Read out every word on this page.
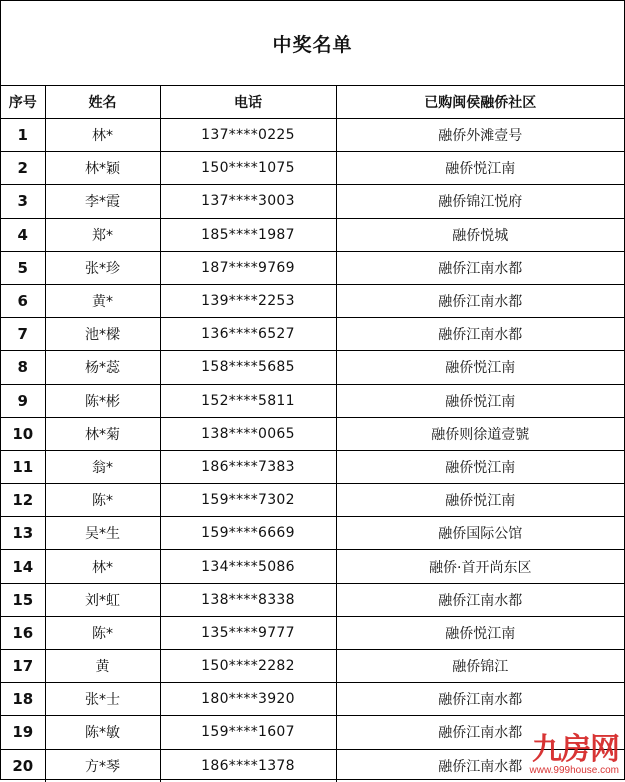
中奖名单
序号	姓名	电话	已购闽侯融侨社区
1	林*	137****0225	融侨外滩壹号
2	林*颖	150****1075	融侨悦江南
3	李*霞	137****3003	融侨锦江悦府
4	郑*	185****1987	融侨悦城
5	张*珍	187****9769	融侨江南水都
6	黄*	139****2253	融侨江南水都
7	池*樑	136****6527	融侨江南水都
8	杨*蕊	158****5685	融侨悦江南
9	陈*彬	152****5811	融侨悦江南
10	林*菊	138****0065	融侨则徐道壹號
11	翁*	186****7383	融侨悦江南
12	陈*	159****7302	融侨悦江南
13	吴*生	159****6669	融侨国际公馆
14	林*	134****5086	融侨·首开尚东区
15	刘*虹	138****8338	融侨江南水都
16	陈*	135****9777	融侨悦江南
17	黄	150****2282	融侨锦江
18	张*士	180****3920	融侨江南水都
19	陈*敏	159****1607	融侨江南水都
20	方*琴	186****1378	融侨江南水都 九房网
www.999house.com
